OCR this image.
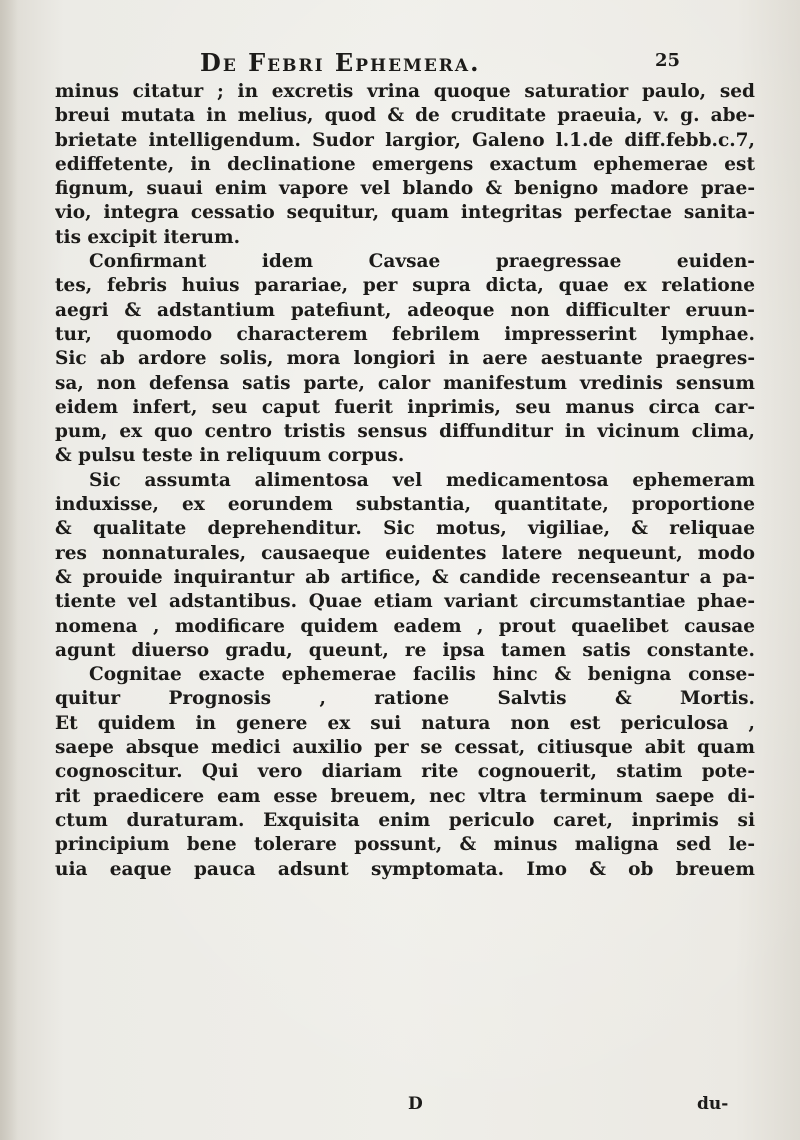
De Febri Ephemera.	25
minus citatur ; in excretis vrina quoque saturatior paulo, sed
breui mutata in melius, quod & de cruditate praeuia, v. g. abe-
brietate intelligendum. Sudor largior, Galeno l.1.de diff.febb.c.7,
ediffetente, in declinatione emergens exactum ephemerae est
fignum, suaui enim vapore vel blando & benigno madore prae-
vio, integra cessatio sequitur, quam integritas perfectae sanita-
tis excipit iterum.
Confirmant idem Cavsae praegressae euiden-
tes, febris huius parariae, per supra dicta, quae ex relatione
aegri & adstantium patefiunt, adeoque non difficulter eruun-
tur, quomodo characterem febrilem impresserint lymphae.
Sic ab ardore solis, mora longiori in aere aestuante praegres-
sa, non defensa satis parte, calor manifestum vredinis sensum
eidem infert, seu caput fuerit inprimis, seu manus circa car-
pum, ex quo centro tristis sensus diffunditur in vicinum clima,
& pulsu teste in reliquum corpus.
Sic assumta alimentosa vel medicamentosa ephemeram
induxisse, ex eorundem substantia, quantitate, proportione
& qualitate deprehenditur. Sic motus, vigiliae, & reliquae
res nonnaturales, causaeque euidentes latere nequeunt, modo
& prouide inquirantur ab artifice, & candide recenseantur a pa-
tiente vel adstantibus. Quae etiam variant circumstantiae phae-
nomena , modificare quidem eadem , prout quaelibet causae
agunt diuerso gradu, queunt, re ipsa tamen satis constante.
Cognitae exacte ephemerae facilis hinc & benigna conse-
quitur Prognosis , ratione Salvtis & Mortis.
Et quidem in genere ex sui natura non est periculosa ,
saepe absque medici auxilio per se cessat, citiusque abit quam
cognoscitur. Qui vero diariam rite cognouerit, statim pote-
rit praedicere eam esse breuem, nec vltra terminum saepe di-
ctum duraturam. Exquisita enim periculo caret, inprimis si
principium bene tolerare possunt, & minus maligna sed le-
uia eaque pauca adsunt symptomata. Imo & ob breuem
D	du-
